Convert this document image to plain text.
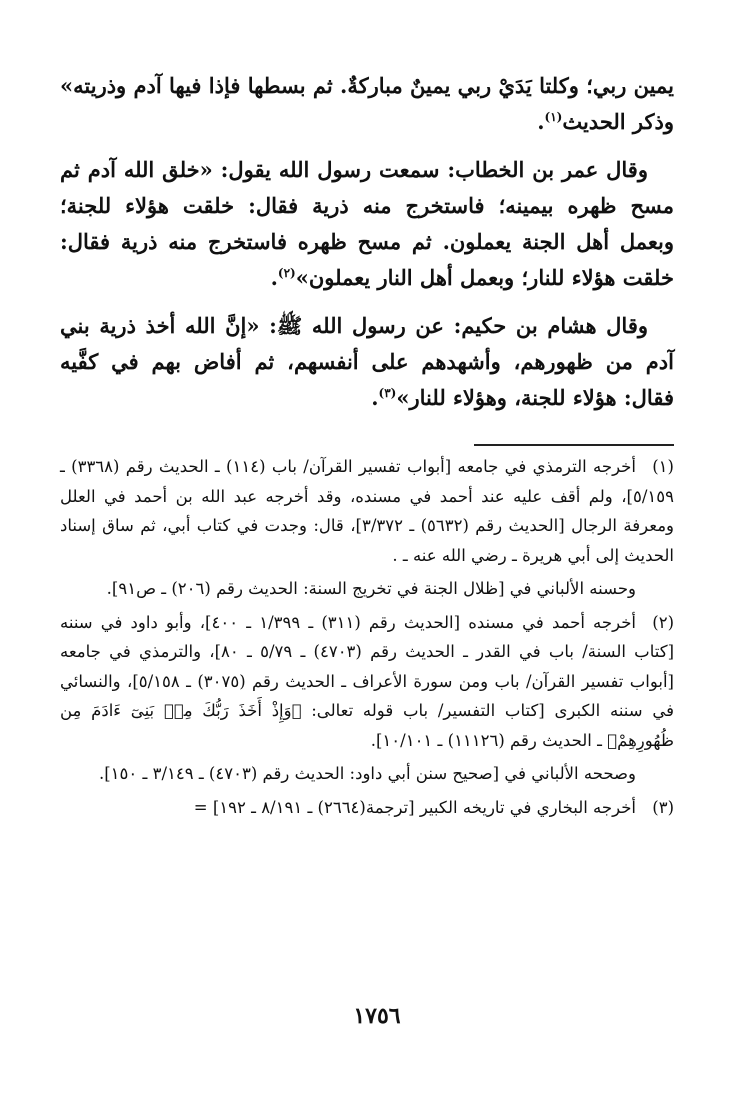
يمين ربي؛ وكلتا يَدَيْ ربي يمينٌ مباركةٌ. ثم بسطها فإذا فيها آدم وذريته» وذكر الحديث$^{(١)}$.

وقال عمر بن الخطاب: سمعت رسول الله يقول: «خلق الله آدم ثم مسح ظهره بيمينه؛ فاستخرج منه ذرية فقال: خلقت هؤلاء للجنة؛ وبعمل أهل الجنة يعملون. ثم مسح ظهره فاستخرج منه ذرية فقال: خلقت هؤلاء للنار؛ وبعمل أهل النار يعملون»$^{(٢)}$.

وقال هشام بن حكيم: عن رسول الله ﷺ: «إنَّ الله أخذ ذرية بني آدم من ظهورهم، وأشهدهم على أنفسهم، ثم أفاض بهم في كفَّيه فقال: هؤلاء للجنة، وهؤلاء للنار»$^{(٣)}$.

(١)أخرجه الترمذي في جامعه [أبواب تفسير القرآن/ باب (١١٤) ـ الحديث رقم (٣٣٦٨) ـ ٥/١٥٩]، ولم أقف عليه عند أحمد في مسنده، وقد أخرجه عبد الله بن أحمد في العلل ومعرفة الرجال [الحديث رقم (٥٦٣٢) ـ ٣/٣٧٢]، قال: وجدت في كتاب أبي، ثم ساق إسناد الحديث إلى أبي هريرة ـ رضي الله عنه ـ .

وحسنه الألباني في [ظلال الجنة في تخريج السنة: الحديث رقم (٢٠٦) ـ ص٩١].

(٢)أخرجه أحمد في مسنده [الحديث رقم (٣١١) ـ ١/٣٩٩ ـ ٤٠٠]، وأبو داود في سننه [كتاب السنة/ باب في القدر ـ الحديث رقم (٤٧٠٣) ـ ٥/٧٩ ـ ٨٠]، والترمذي في جامعه [أبواب تفسير القرآن/ باب ومن سورة الأعراف ـ الحديث رقم (٣٠٧٥) ـ ٥/١٥٨]، والنسائي في سننه الكبرى [كتاب التفسير/ باب قوله تعالى: ﴿وَإِذْ أَخَذَ رَبُّكَ مِنۢ بَنِىٓ ءَادَمَ مِن ظُهُورِهِمْ﴾ ـ الحديث رقم (١١١٢٦) ـ ١٠/١٠١].

وصححه الألباني في [صحيح سنن أبي داود: الحديث رقم (٤٧٠٣) ـ ٣/١٤٩ ـ ١٥٠].

(٣)أخرجه البخاري في تاريخه الكبير [ترجمة(٢٦٦٤) ـ ٨/١٩١ ـ ١٩٢] =

١٧٥٦
